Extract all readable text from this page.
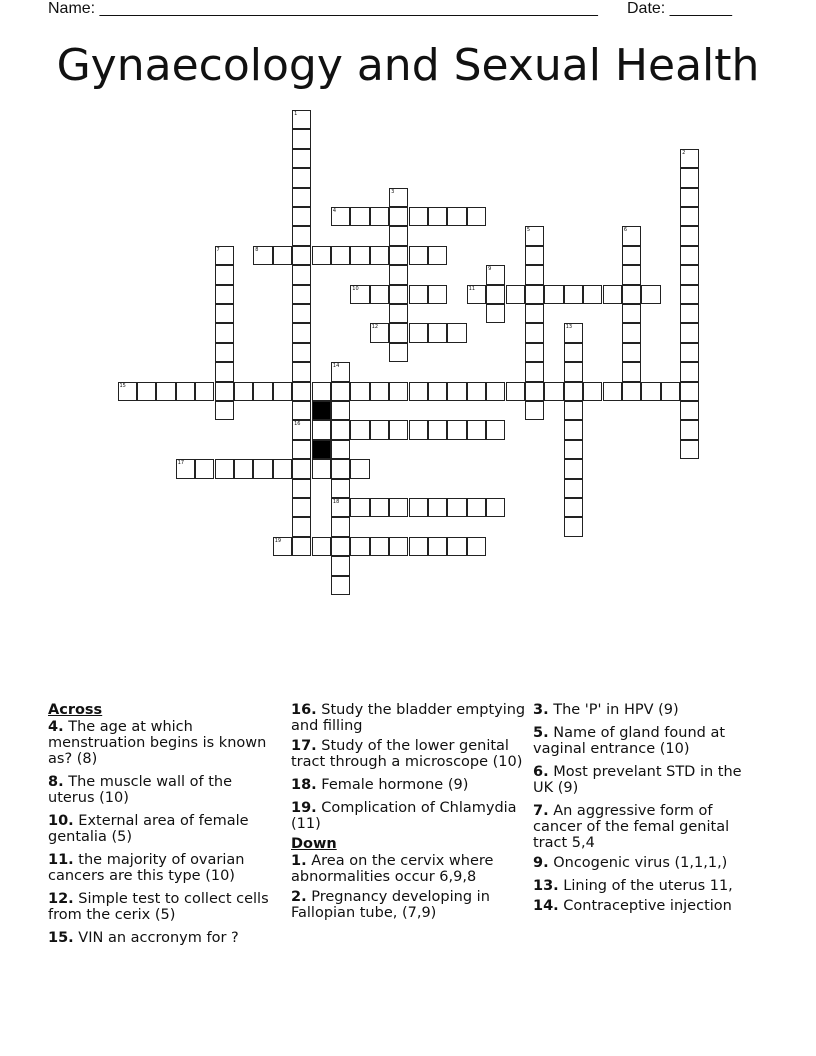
Name: ________________________________________________________ Date: _______
Gynaecology and Sexual Health
1
16
2
3
4
5	6
7	8
9
10	11
12	13
14
18
15
17
19
Across
4. The age at which menstruation begins is known as? (8)
8. The muscle wall of the uterus (10)
10. External area of female gentalia (5)
11. the majority of ovarian cancers are this type (10)
12. Simple test to collect cells from the cerix (5)
15. VIN an accronym for ?
16. Study the bladder emptying and filling
17. Study of the lower genital tract through a microscope (10)
18. Female hormone (9)
19. Complication of Chlamydia (11)
Down
1. Area on the cervix where abnormalities occur 6,9,8
2. Pregnancy developing in Fallopian tube, (7,9)
3. The 'P' in HPV (9)
5. Name of gland found at vaginal entrance (10)
6. Most prevelant STD in the UK (9)
7. An aggressive form of cancer of the femal genital tract 5,4
9. Oncogenic virus (1,1,1,)
13. Lining of the uterus 11,
14. Contraceptive injection
